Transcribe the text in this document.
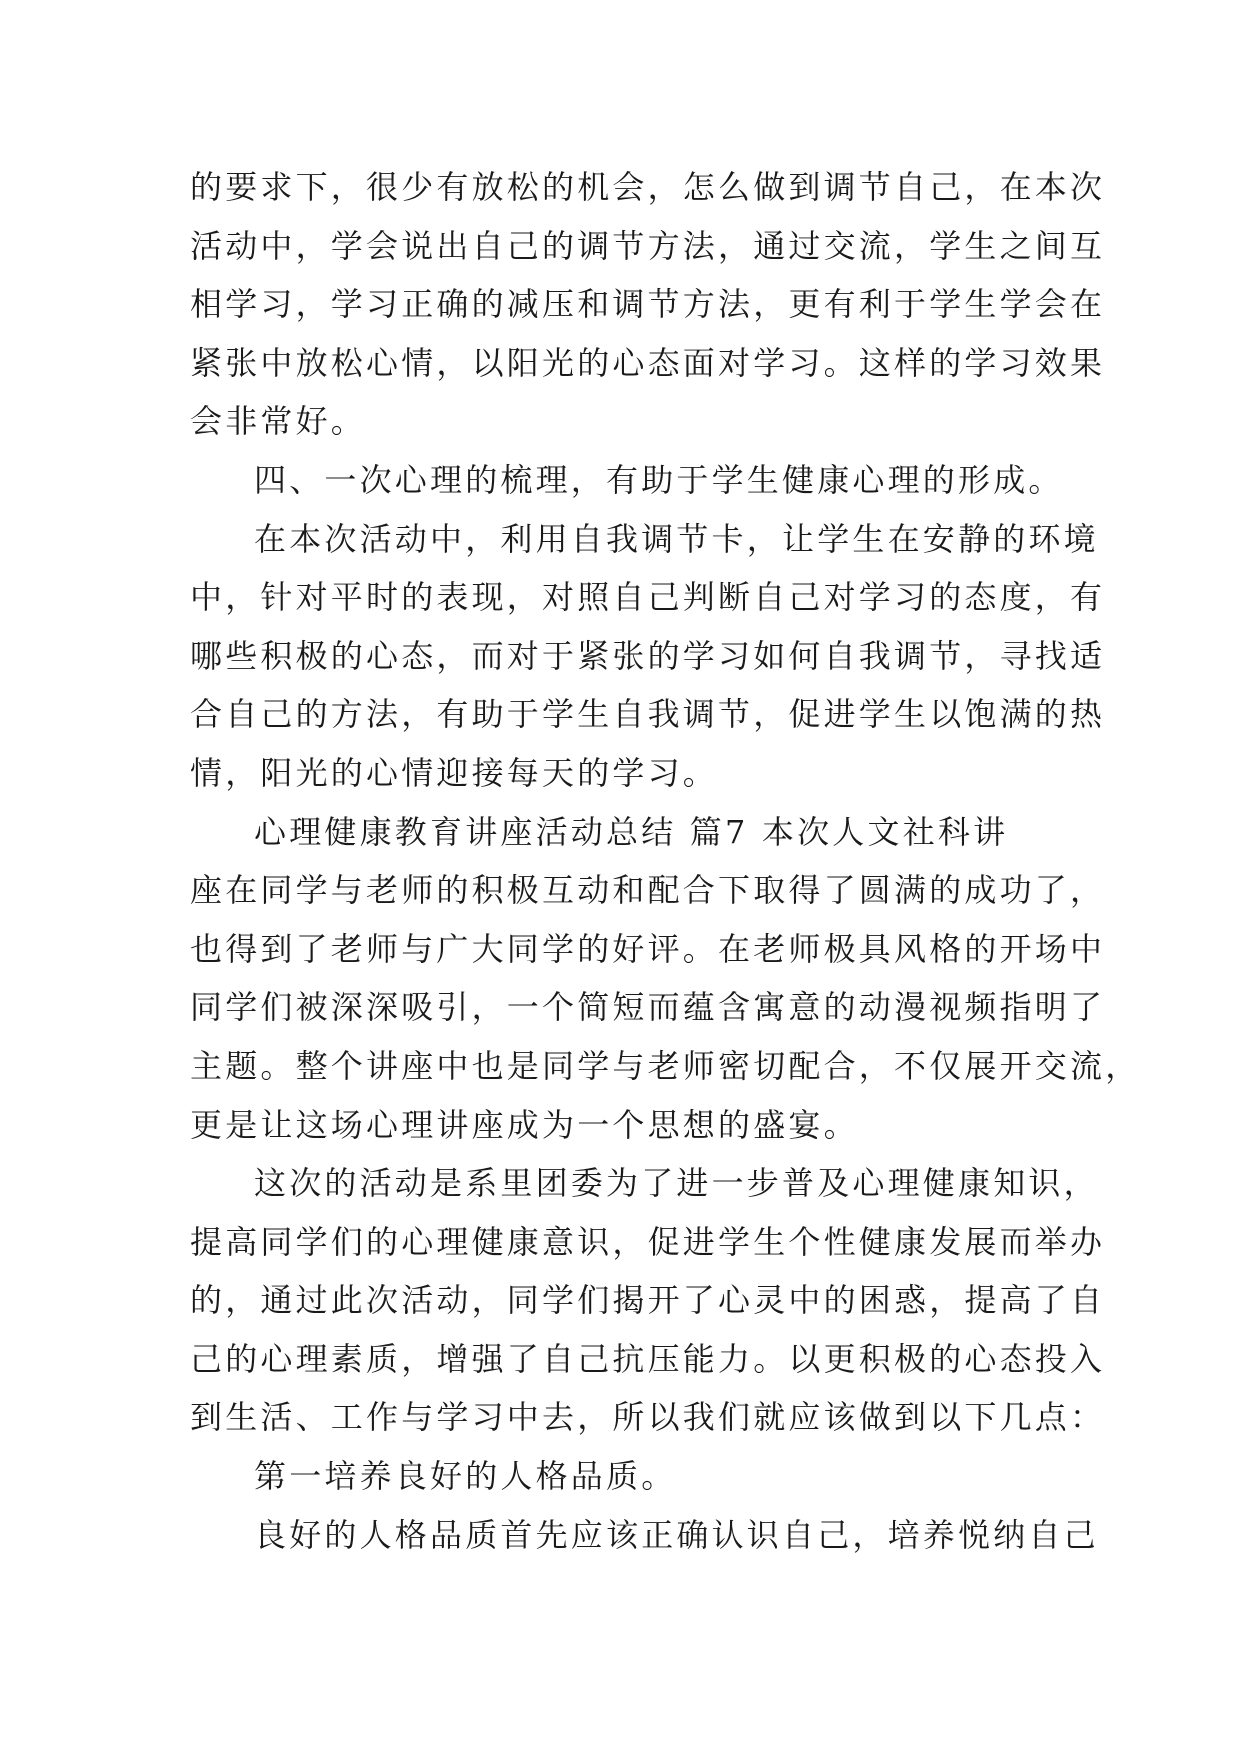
的要求下，很少有放松的机会，怎么做到调节自己，在本次
活动中，学会说出自己的调节方法，通过交流，学生之间互
相学习，学习正确的减压和调节方法，更有利于学生学会在
紧张中放松心情，以阳光的心态面对学习。这样的学习效果
会非常好。
四、一次心理的梳理，有助于学生健康心理的形成。
在本次活动中，利用自我调节卡，让学生在安静的环境
中，针对平时的表现，对照自己判断自己对学习的态度，有
哪些积极的心态，而对于紧张的学习如何自我调节，寻找适
合自己的方法，有助于学生自我调节，促进学生以饱满的热
情，阳光的心情迎接每天的学习。
心理健康教育讲座活动总结 篇7 本次人文社科讲
座在同学与老师的积极互动和配合下取得了圆满的成功了，
也得到了老师与广大同学的好评。在老师极具风格的开场中
同学们被深深吸引，一个简短而蕴含寓意的动漫视频指明了
主题。整个讲座中也是同学与老师密切配合，不仅展开交流，
更是让这场心理讲座成为一个思想的盛宴。
这次的活动是系里团委为了进一步普及心理健康知识，
提高同学们的心理健康意识，促进学生个性健康发展而举办
的，通过此次活动，同学们揭开了心灵中的困惑，提高了自
己的心理素质，增强了自己抗压能力。以更积极的心态投入
到生活、工作与学习中去，所以我们就应该做到以下几点：
第一培养良好的人格品质。
良好的人格品质首先应该正确认识自己，培养悦纳自己
